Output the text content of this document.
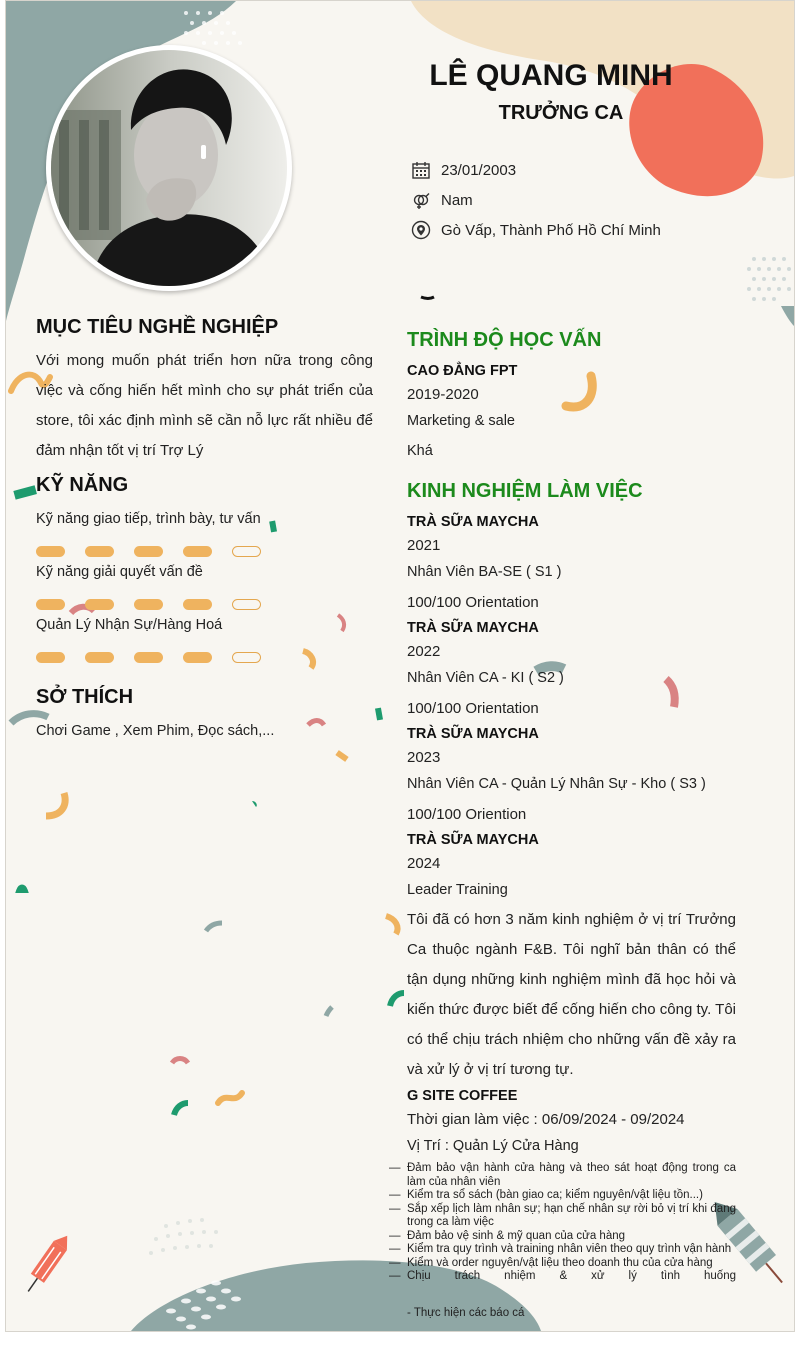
LÊ QUANG MINH
TRƯỞNG CA
23/01/2003
Nam
Gò Vấp, Thành Phố Hồ Chí Minh
MỤC TIÊU NGHỀ NGHIỆP
Với mong muốn phát triển hơn nữa trong công việc và cống hiến hết mình cho sự phát triển của store, tôi xác định mình sẽ cần nỗ lực rất nhiều để đảm nhận tốt vị trí Trợ Lý
KỸ NĂNG
Kỹ năng giao tiếp, trình bày, tư vấn
Kỹ năng giải quyết vấn đề
Quản Lý Nhận Sự/Hàng Hoá
SỞ THÍCH
Chơi Game , Xem Phim, Đọc sách,...
TRÌNH ĐỘ HỌC VẤN
CAO ĐẲNG FPT
2019-2020
Marketing & sale
Khá
KINH NGHIỆM LÀM VIỆC
TRÀ SỮA MAYCHA
2021
Nhân Viên BA-SE ( S1 )
100/100 Orientation
TRÀ SỮA MAYCHA
2022
Nhân Viên CA - KI ( S2 )
100/100 Orientation
TRÀ SỮA MAYCHA
2023
Nhân Viên CA - Quản Lý Nhân Sự - Kho ( S3 )
100/100 Oriention
TRÀ SỮA MAYCHA
2024
Leader Training
Tôi đã có hơn 3 năm kinh nghiệm ở vị trí Trưởng Ca thuộc ngành F&B. Tôi nghĩ bản thân có thể tận dụng những kinh nghiệm mình đã học hỏi và kiến thức được biết để cống hiến cho công ty. Tôi có thể chịu trách nhiệm cho những vấn đề xảy ra và xử lý ở vị trí tương tự.
G SITE COFFEE
Thời gian làm việc : 06/09/2024 - 09/2024
Vị Trí : Quản Lý Cửa Hàng
— Đảm bảo vận hành cửa hàng và theo sát hoạt động trong ca làm của nhân viên
— Kiểm tra sổ sách (bàn giao ca; kiểm nguyên/vật liệu tồn...)
— Sắp xếp lịch làm nhân sự; hạn chế nhân sự rời bỏ vị trí khi đang trong ca làm việc
— Đảm bảo vệ sinh & mỹ quan của cửa hàng
— Kiểm tra quy trình và training nhân viên theo quy trình vận hành
— Kiểm và order nguyên/vật liệu theo doanh thu của cửa hàng
— Chịu trách nhiệm & xử lý tình huống
- Thực hiện các báo cá
